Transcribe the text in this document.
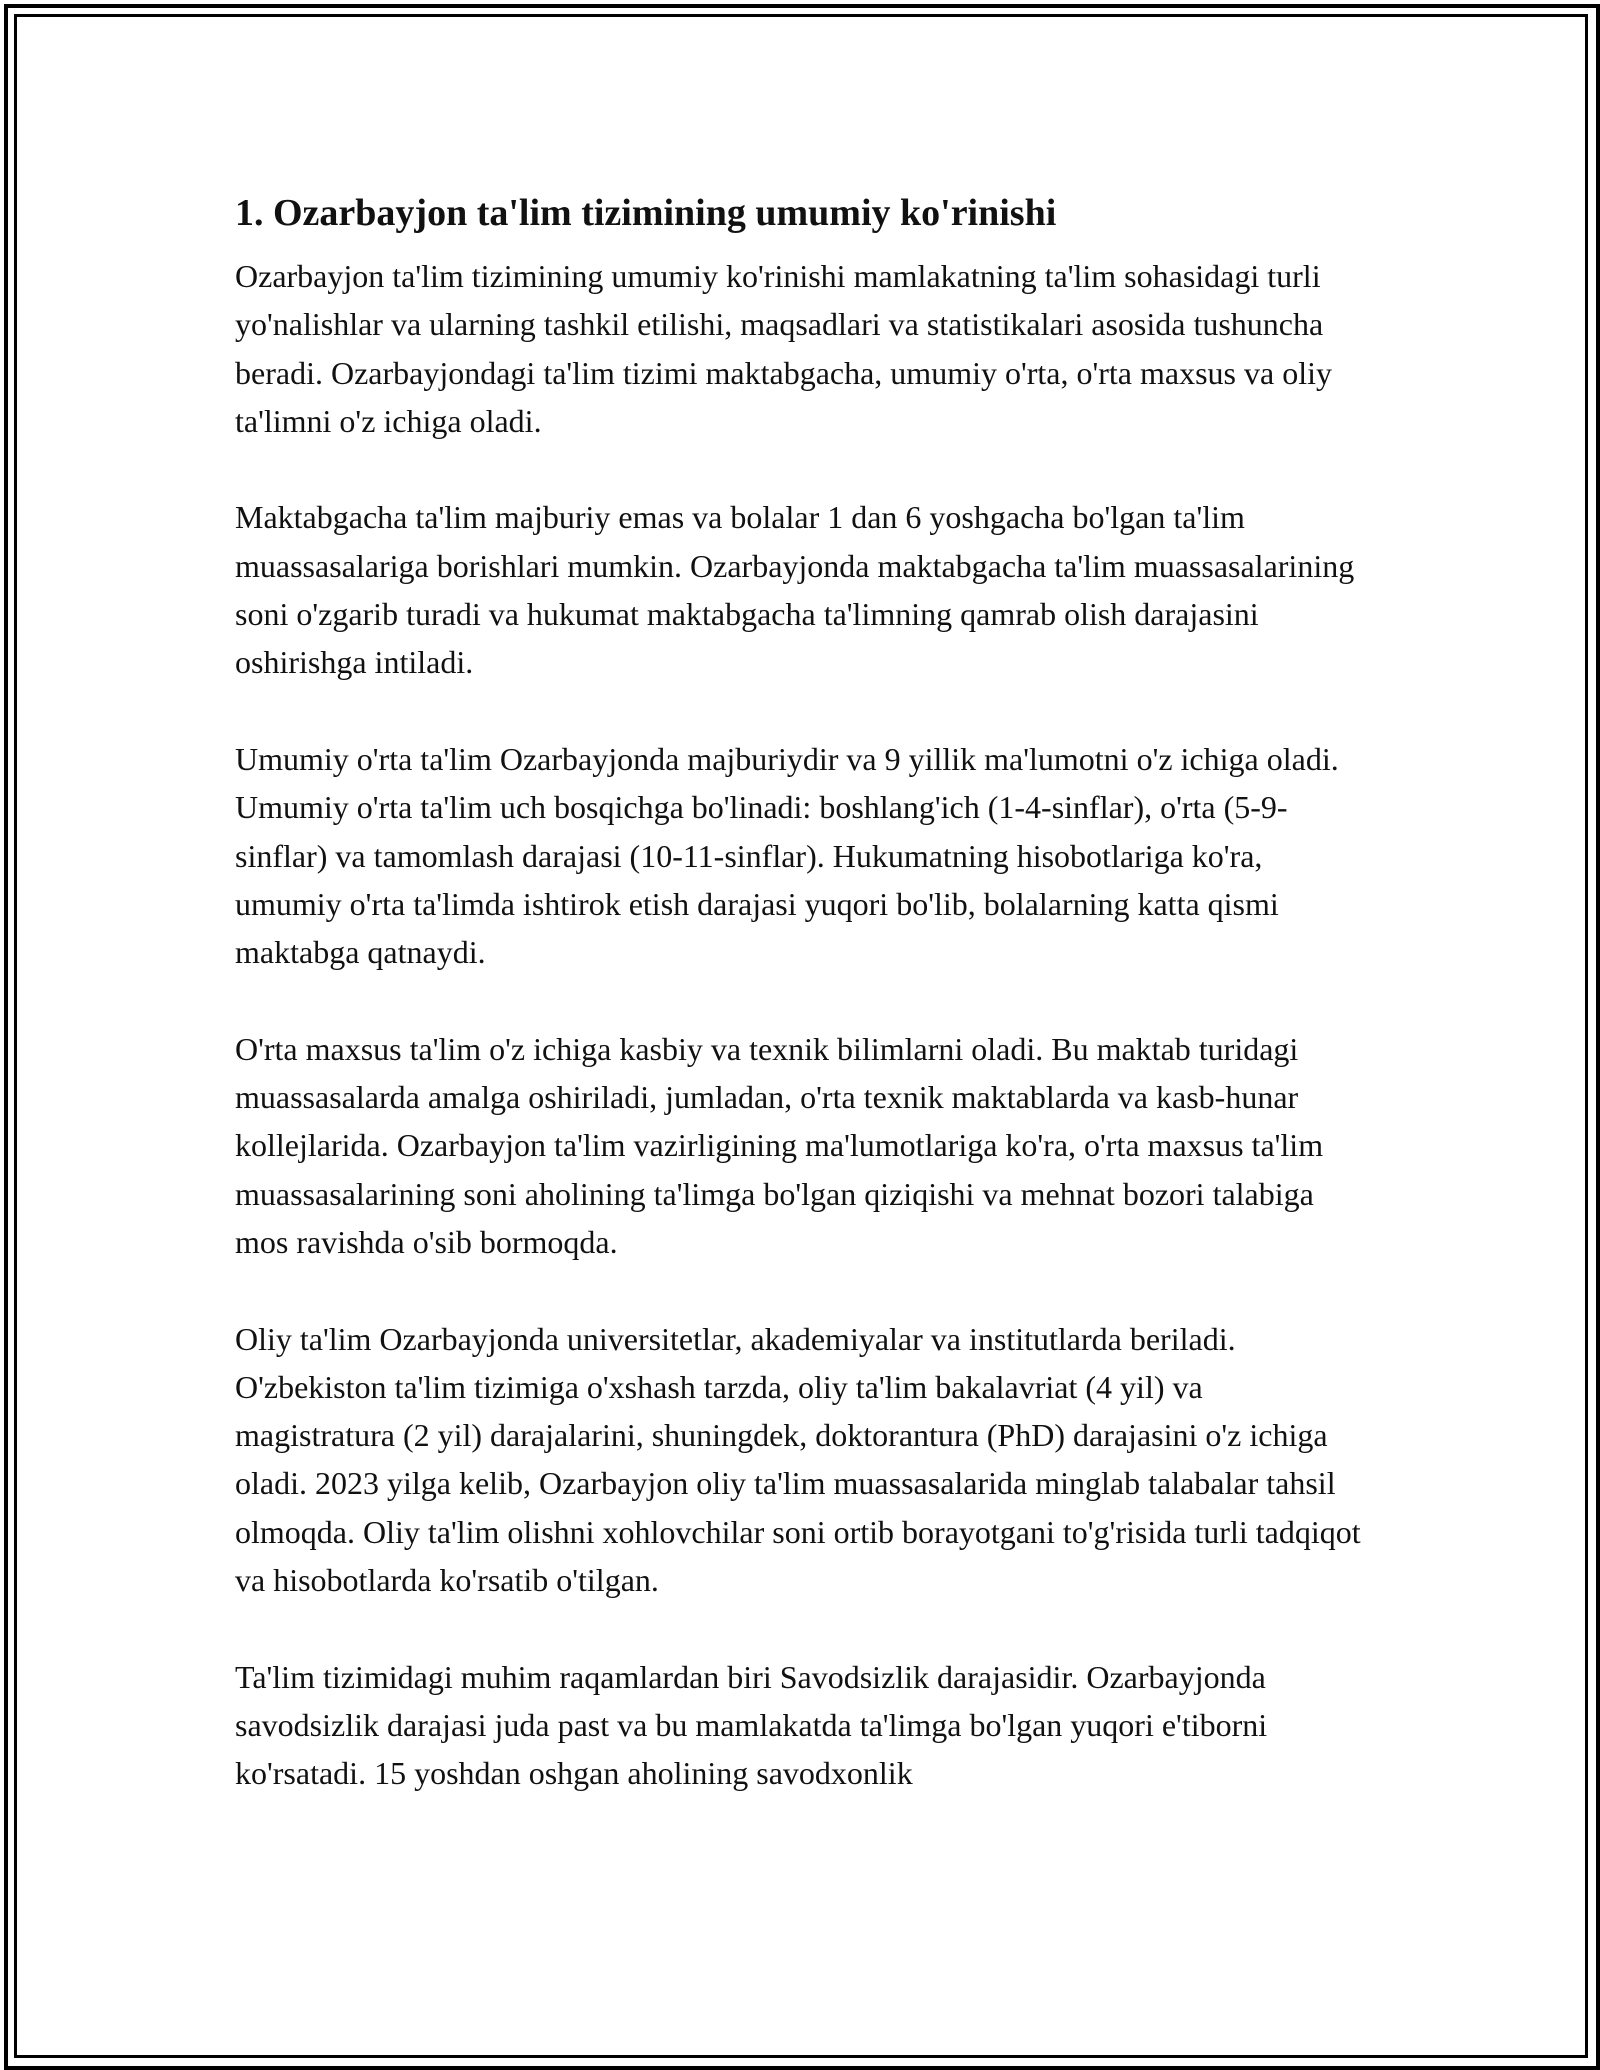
1. Ozarbayjon ta'lim tizimining umumiy ko'rinishi

Ozarbayjon ta'lim tizimining umumiy ko'rinishi mamlakatning ta'lim sohasidagi turli yo'nalishlar va ularning tashkil etilishi, maqsadlari va statistikalari asosida tushuncha beradi. Ozarbayjondagi ta'lim tizimi maktabgacha, umumiy o'rta, o'rta maxsus va oliy ta'limni o'z ichiga oladi.

Maktabgacha ta'lim majburiy emas va bolalar 1 dan 6 yoshgacha bo'lgan ta'lim muassasalariga borishlari mumkin. Ozarbayjonda maktabgacha ta'lim muassasalarining soni o'zgarib turadi va hukumat maktabgacha ta'limning qamrab olish darajasini oshirishga intiladi.

Umumiy o'rta ta'lim Ozarbayjonda majburiydir va 9 yillik ma'lumotni o'z ichiga oladi. Umumiy o'rta ta'lim uch bosqichga bo'linadi: boshlang'ich (1-4-sinflar), o'rta (5-9-sinflar) va tamomlash darajasi (10-11-sinflar). Hukumatning hisobotlariga ko'ra, umumiy o'rta ta'limda ishtirok etish darajasi yuqori bo'lib, bolalarning katta qismi maktabga qatnaydi.

O'rta maxsus ta'lim o'z ichiga kasbiy va texnik bilimlarni oladi. Bu maktab turidagi muassasalarda amalga oshiriladi, jumladan, o'rta texnik maktablarda va kasb-hunar kollejlarida. Ozarbayjon ta'lim vazirligining ma'lumotlariga ko'ra, o'rta maxsus ta'lim muassasalarining soni aholining ta'limga bo'lgan qiziqishi va mehnat bozori talabiga mos ravishda o'sib bormoqda.

Oliy ta'lim Ozarbayjonda universitetlar, akademiyalar va institutlarda beriladi. O'zbekiston ta'lim tizimiga o'xshash tarzda, oliy ta'lim bakalavriat (4 yil) va magistratura (2 yil) darajalarini, shuningdek, doktorantura (PhD) darajasini o'z ichiga oladi. 2023 yilga kelib, Ozarbayjon oliy ta'lim muassasalarida minglab talabalar tahsil olmoqda. Oliy ta'lim olishni xohlovchilar soni ortib borayotgani to'g'risida turli tadqiqot va hisobotlarda ko'rsatib o'tilgan.

Ta'lim tizimidagi muhim raqamlardan biri Savodsizlik darajasidir. Ozarbayjonda savodsizlik darajasi juda past va bu mamlakatda ta'limga bo'lgan yuqori e'tiborni ko'rsatadi. 15 yoshdan oshgan aholining savodxonlik
